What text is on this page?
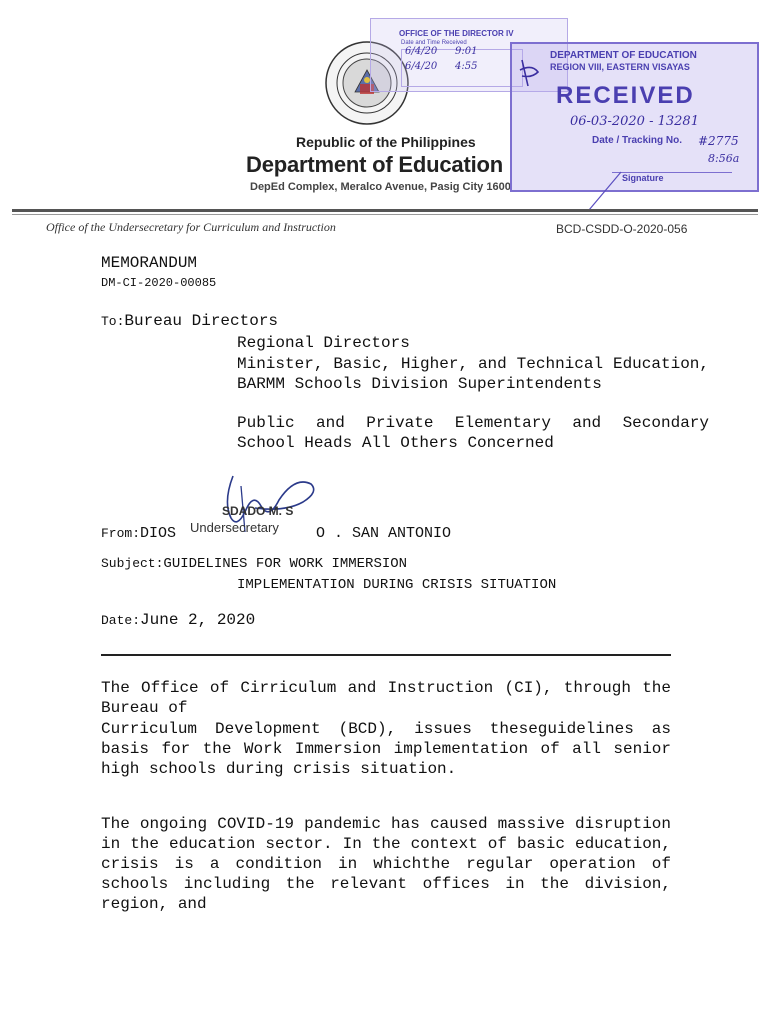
Republic of the Philippines
Department of Education
DepEd Complex, Meralco Avenue, Pasig City 1600
OFFICE OF THE DIRECTOR IV
Date and Time Received
6/4/20 9:01
6/4/20 4:55
DEPARTMENT OF EDUCATION
REGION VIII, EASTERN VISAYAS
RECEIVED
06-03-2020 - 13281
Date / Tracking No. #2775
8:56a
Signature
Office of the Undersecretary for Curriculum and Instruction	BCD-CSDD-O-2020-056
MEMORANDUM
DM-CI-2020-00085
To:Bureau Directors
Regional Directors
Minister, Basic, Higher, and Technical Education, BARMM Schools Division Superintendents
Public and Private Elementary and Secondary School Heads All Others Concerned
SDADO M. S
Undersecretary
From:DIOS	O . SAN ANTONIO
Subject:GUIDELINES FOR WORK IMMERSION
IMPLEMENTATION DURING CRISIS SITUATION
Date:June 2, 2020
The Office of Cirriculum and Instruction (CI), through the Bureau of
Curriculum Development (BCD), issues theseguidelines as basis for the Work Immersion implementation of all senior high schools during crisis situation.
The ongoing COVID-19 pandemic has caused massive disruption in the education sector. In the context of basic education, crisis is a condition in whichthe regular operation of schools including the relevant offices in the division, region, and
